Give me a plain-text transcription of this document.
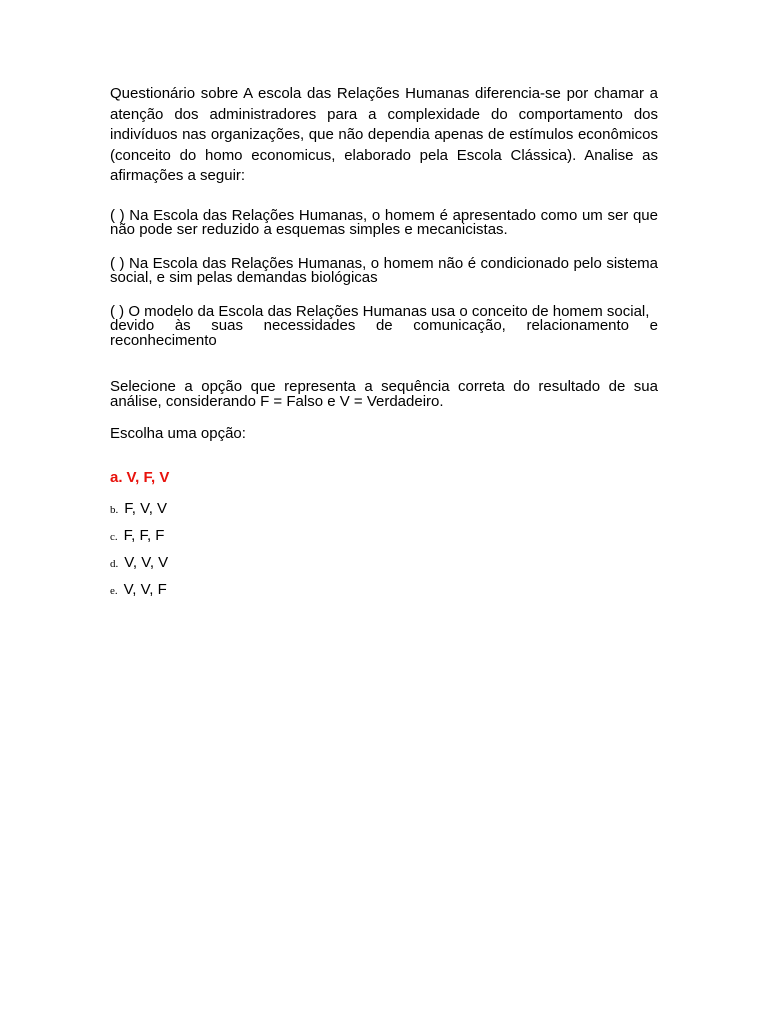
Questionário sobre A escola das Relações Humanas diferencia-se por chamar a atenção dos administradores para a complexidade do comportamento dos indivíduos nas organizações, que não dependia apenas de estímulos econômicos (conceito do homo economicus, elaborado pela Escola Clássica). Analise as afirmações a seguir:

( ) Na Escola das Relações Humanas, o homem é apresentado como um ser que não pode ser reduzido a esquemas simples e mecanicistas.

( ) Na Escola das Relações Humanas, o homem não é condicionado pelo sistema social, e sim pelas demandas biológicas

( ) O modelo da Escola das Relações Humanas usa o conceito de homem social,
devido às suas necessidades de comunicação, relacionamento e
reconhecimento

Selecione a opção que representa a sequência correta do resultado de sua análise, considerando F = Falso e V = Verdadeiro.

Escolha uma opção:

a. V, F, V
b. F, V, V
c. F, F, F
d. V, V, V
e. V, V, F
